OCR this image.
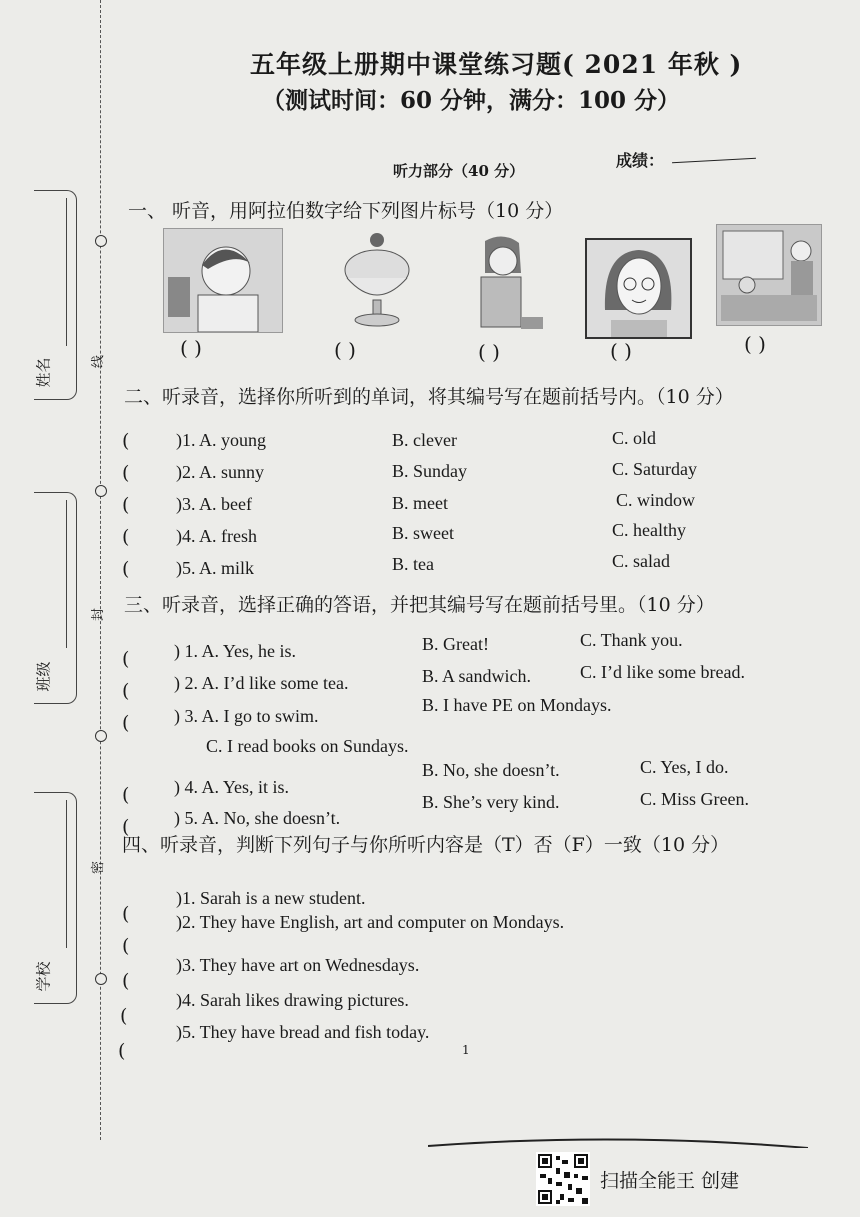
姓名
班级
学校
线
封
密
五年级上册期中课堂练习题( 2021 年秋 )
（测试时间：60 分钟，满分：100 分）
听力部分（40 分）
成绩：
一、 听音，用阿拉伯数字给下列图片标号（10 分）
( )	( )	( )	( )	( )
二、听录音，选择你所听到的单词，将其编号写在题前括号内。（10 分）
(	)1. A. young	B. clever	C. old
(	)2. A. sunny	B. Sunday	C. Saturday
(	)3. A. beef	B. meet	C. window
(	)4. A. fresh	B. sweet	C. healthy
(	)5. A. milk	B. tea	C. salad
三、听录音，选择正确的答语，并把其编号写在题前括号里。（10 分）
( ) 1. A. Yes, he is.	B. Great!	C. Thank you.
( ) 2. A. I’d like some tea.	B. A sandwich.	C. I’d like some bread.
( ) 3. A. I go to swim.
B. I have PE on Mondays.
C. I read books on Sundays.
( ) 4. A. Yes, it is.
B. No, she doesn’t.	C. Yes, I do.
( ) 5. A. No, she doesn’t.
B. She’s very kind.	C. Miss Green.
四、听录音，判断下列句子与你所听内容是（T）否（F）一致（10 分）
(
)1. Sarah is a new student.
(
)2. They have English, art and computer on Mondays.
(
)3. They have art on Wednesdays.
(
)4. Sarah likes drawing pictures.
(
)5. They have bread and fish today.
1
扫描全能王 创建
